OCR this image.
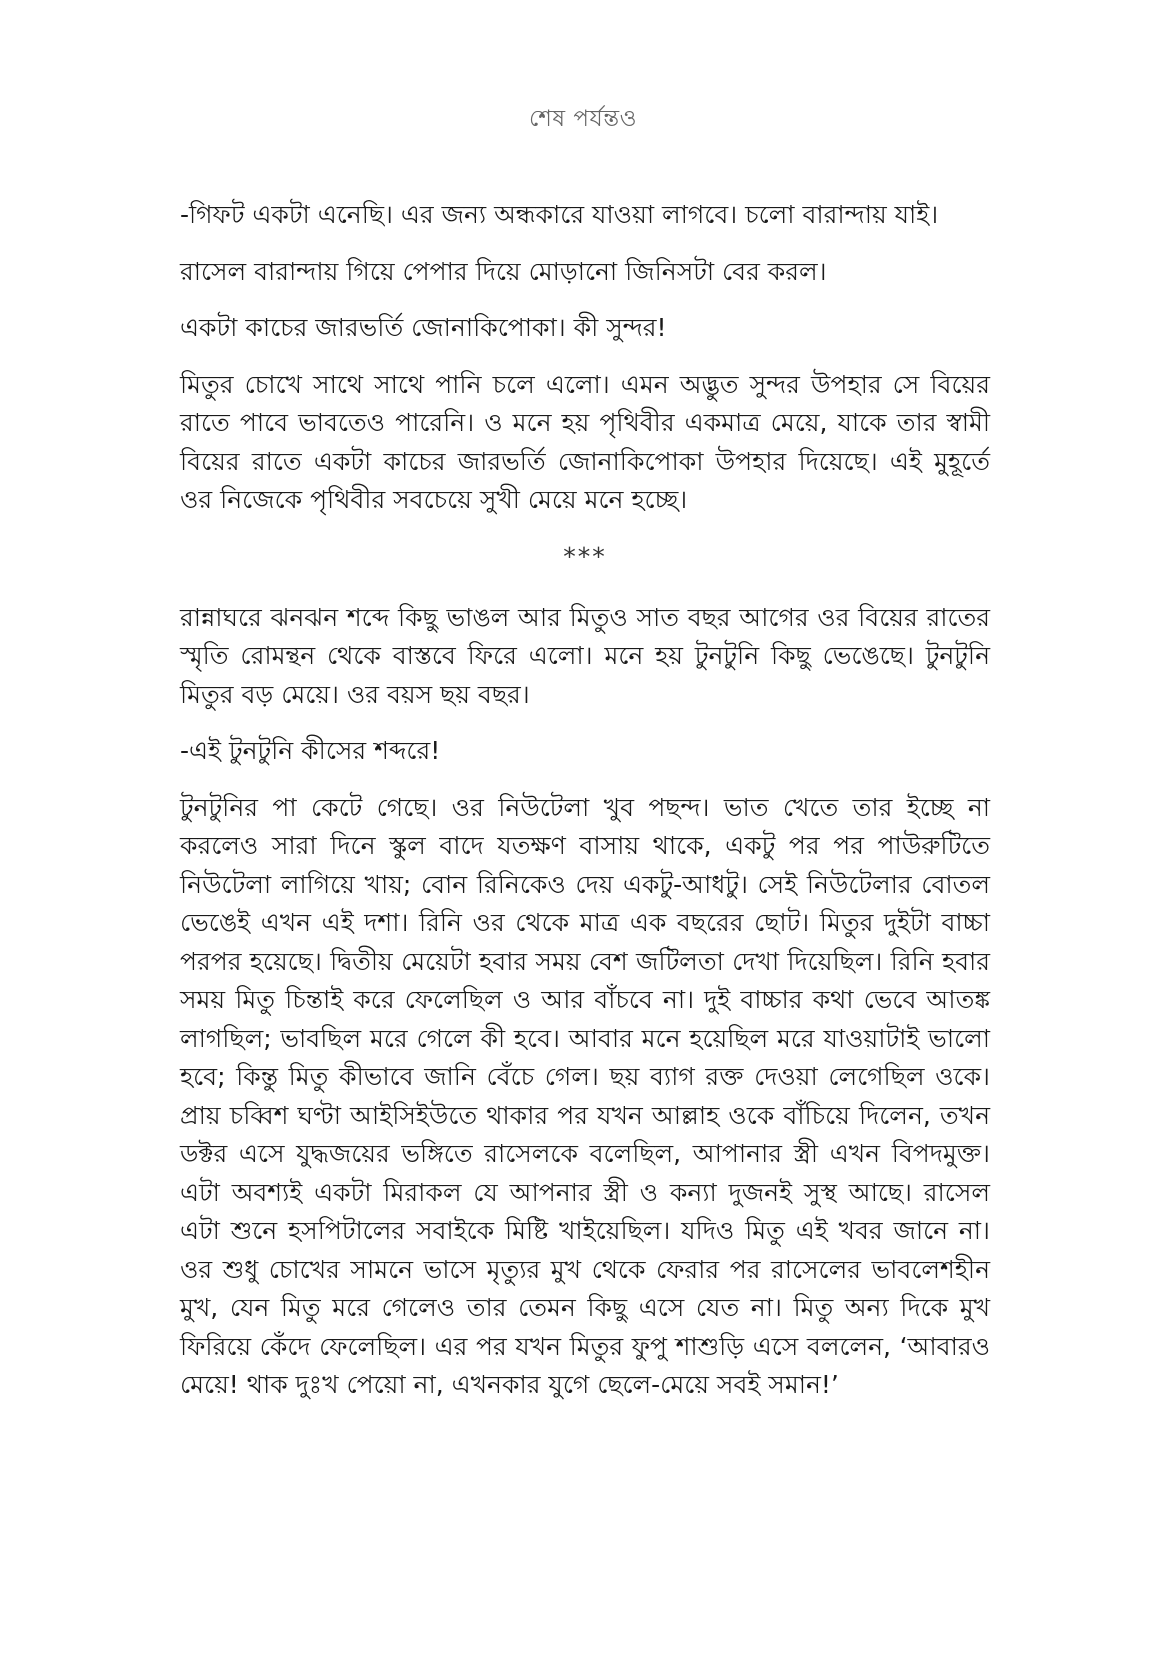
শেষ পর্যন্তও

-গিফট একটা এনেছি। এর জন্য অন্ধকারে যাওয়া লাগবে। চলো বারান্দায় যাই।

রাসেল বারান্দায় গিয়ে পেপার দিয়ে মোড়ানো জিনিসটা বের করল।

একটা কাচের জারভর্তি জোনাকিপোকা। কী সুন্দর!

মিতুর চোখে সাথে সাথে পানি চলে এলো। এমন অদ্ভুত সুন্দর উপহার সে বিয়ের রাতে পাবে ভাবতেও পারেনি। ও মনে হয় পৃথিবীর একমাত্র মেয়ে, যাকে তার স্বামী বিয়ের রাতে একটা কাচের জারভর্তি জোনাকিপোকা উপহার দিয়েছে। এই মুহূর্তে ওর নিজেকে পৃথিবীর সবচেয়ে সুখী মেয়ে মনে হচ্ছে।

***

রান্নাঘরে ঝনঝন শব্দে কিছু ভাঙল আর মিতুও সাত বছর আগের ওর বিয়ের রাতের স্মৃতি রোমন্থন থেকে বাস্তবে ফিরে এলো। মনে হয় টুনটুনি কিছু ভেঙেছে। টুনটুনি মিতুর বড় মেয়ে। ওর বয়স ছয় বছর।

-এই টুনটুনি কীসের শব্দরে!

টুনটুনির পা কেটে গেছে। ওর নিউটেলা খুব পছন্দ। ভাত খেতে তার ইচ্ছে না করলেও সারা দিনে স্কুল বাদে যতক্ষণ বাসায় থাকে, একটু পর পর পাউরুটিতে নিউটেলা লাগিয়ে খায়; বোন রিনিকেও দেয় একটু-আধটু। সেই নিউটেলার বোতল ভেঙেই এখন এই দশা। রিনি ওর থেকে মাত্র এক বছরের ছোট। মিতুর দুইটা বাচ্চা পরপর হয়েছে। দ্বিতীয় মেয়েটা হবার সময় বেশ জটিলতা দেখা দিয়েছিল। রিনি হবার সময় মিতু চিন্তাই করে ফেলেছিল ও আর বাঁচবে না। দুই বাচ্চার কথা ভেবে আতঙ্ক লাগছিল; ভাবছিল মরে গেলে কী হবে। আবার মনে হয়েছিল মরে যাওয়াটাই ভালো হবে; কিন্তু মিতু কীভাবে জানি বেঁচে গেল। ছয় ব্যাগ রক্ত দেওয়া লেগেছিল ওকে। প্রায় চব্বিশ ঘণ্টা আইসিইউতে থাকার পর যখন আল্লাহ ওকে বাঁচিয়ে দিলেন, তখন ডক্টর এসে যুদ্ধজয়ের ভঙ্গিতে রাসেলকে বলেছিল, আপানার স্ত্রী এখন বিপদমুক্ত। এটা অবশ্যই একটা মিরাকল যে আপনার স্ত্রী ও কন্যা দুজনই সুস্থ আছে। রাসেল এটা শুনে হসপিটালের সবাইকে মিষ্টি খাইয়েছিল। যদিও মিতু এই খবর জানে না। ওর শুধু চোখের সামনে ভাসে মৃত্যুর মুখ থেকে ফেরার পর রাসেলের ভাবলেশহীন মুখ, যেন মিতু মরে গেলেও তার তেমন কিছু এসে যেত না। মিতু অন্য দিকে মুখ ফিরিয়ে কেঁদে ফেলেছিল। এর পর যখন মিতুর ফুপু শাশুড়ি এসে বললেন, ‘আবারও মেয়ে! থাক দুঃখ পেয়ো না, এখনকার যুগে ছেলে-মেয়ে সবই সমান!’
